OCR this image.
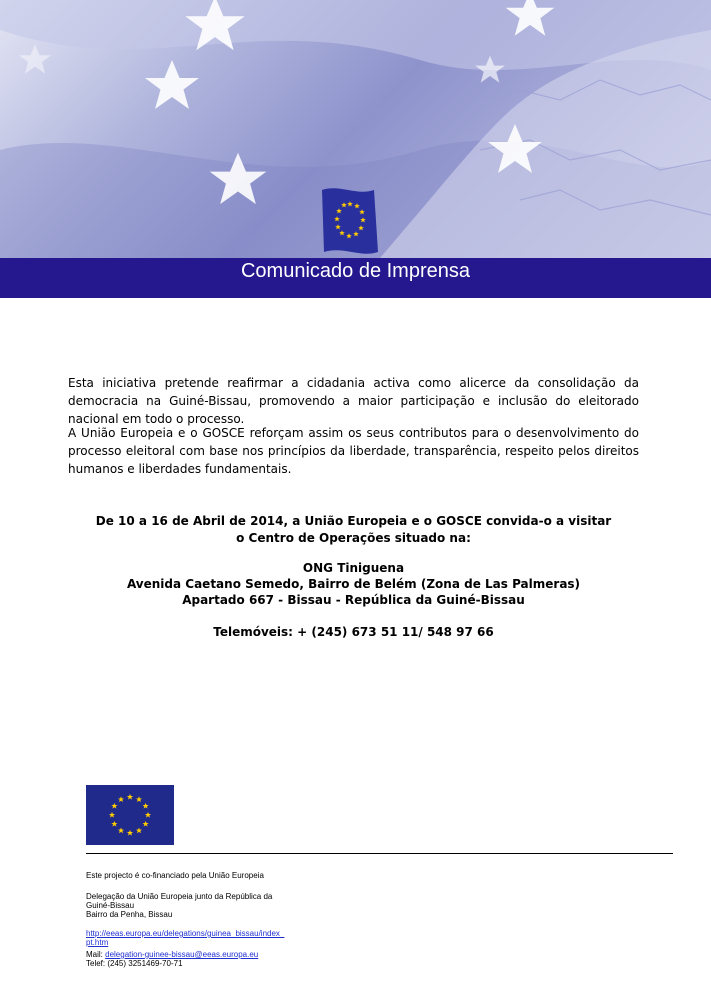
Comunicado de Imprensa
Esta iniciativa pretende reafirmar a cidadania activa como alicerce da consolidação da democracia na Guiné-Bissau, promovendo a maior participação e inclusão do eleitorado nacional em todo o processo.
A União Europeia e o GOSCE reforçam assim os seus contributos para o desenvolvimento do processo eleitoral com base nos princípios da liberdade, transparência, respeito pelos direitos humanos e liberdades fundamentais.
De 10 a 16 de Abril de 2014, a União Europeia e o GOSCE convida-o a visitar
o Centro de Operações situado na:
ONG Tiniguena
Avenida Caetano Semedo, Bairro de Belém (Zona de Las Palmeras)
Apartado 667 - Bissau - República da Guiné-Bissau
Telemóveis: + (245) 673 51 11/ 548 97 66
Este projecto é co-financiado pela União Europeia
Delegação da União Europeia junto da República da
Guiné-Bissau
Bairro da Penha, Bissau
http://eeas.europa.eu/delegations/guinea_bissau/index_
pt.htm
Mail: delegation-guinee-bissau@eeas.europa.eu
Telef: (245) 3251469-70-71
